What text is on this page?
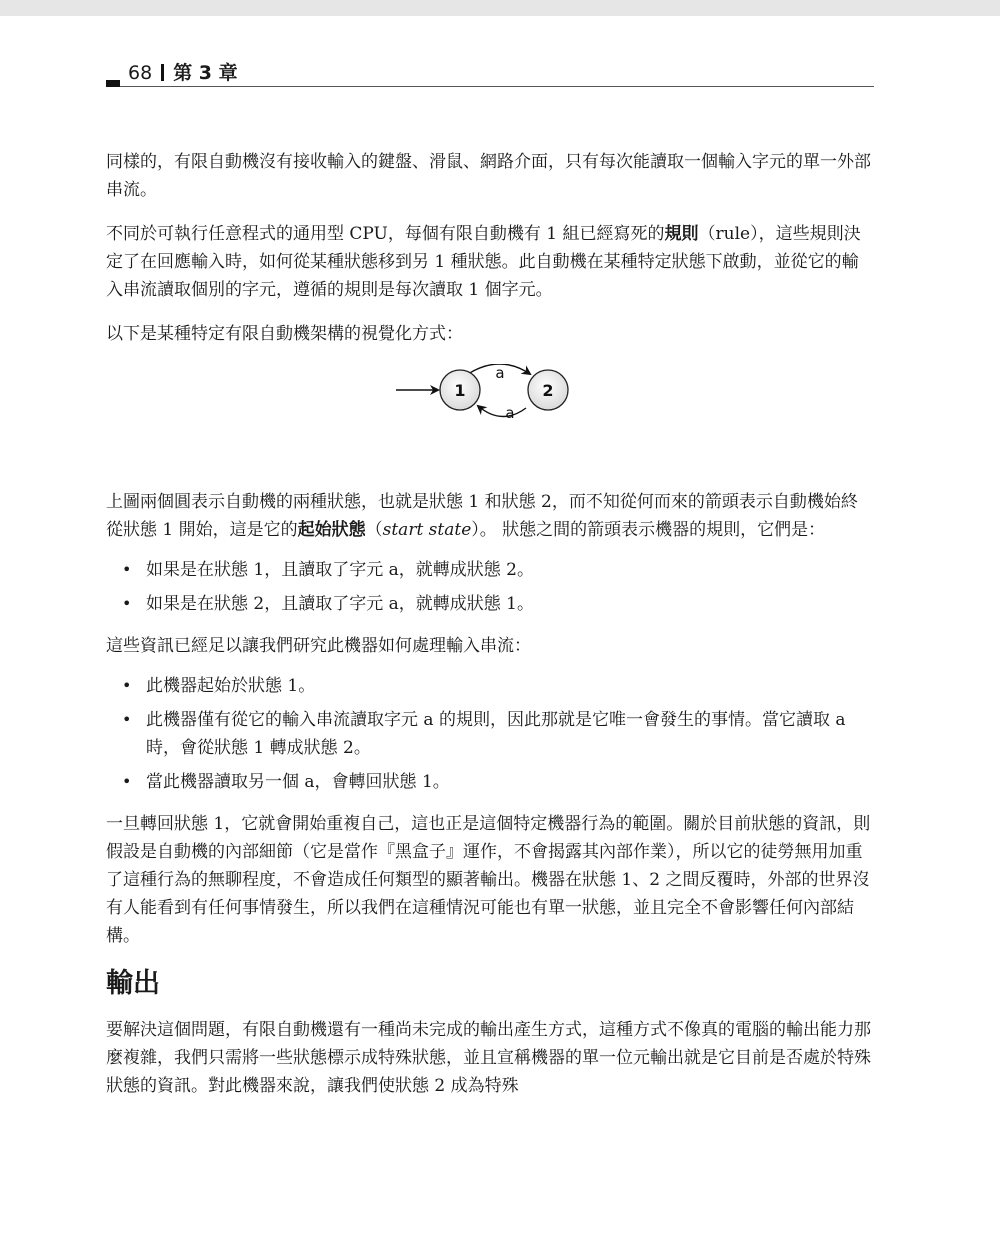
68 第 3 章

同樣的，有限自動機沒有接收輸入的鍵盤、滑鼠、網路介面，只有每次能讀取一個輸入字元的單一外部串流。

不同於可執行任意程式的通用型 CPU，每個有限自動機有 1 組已經寫死的規則（rule），這些規則決定了在回應輸入時，如何從某種狀態移到另 1 種狀態。此自動機在某種特定狀態下啟動，並從它的輸入串流讀取個別的字元，遵循的規則是每次讀取 1 個字元。

以下是某種特定有限自動機架構的視覺化方式：

1	2
a
a

上圖兩個圓表示自動機的兩種狀態，也就是狀態 1 和狀態 2，而不知從何而來的箭頭表示自動機始終從狀態 1 開始，這是它的起始狀態（start state）。 狀態之間的箭頭表示機器的規則，它們是：

• 如果是在狀態 1，且讀取了字元 a，就轉成狀態 2。
• 如果是在狀態 2，且讀取了字元 a，就轉成狀態 1。

這些資訊已經足以讓我們研究此機器如何處理輸入串流：

• 此機器起始於狀態 1。
• 此機器僅有從它的輸入串流讀取字元 a 的規則，因此那就是它唯一會發生的事情。當它讀取 a 時，會從狀態 1 轉成狀態 2。
• 當此機器讀取另一個 a，會轉回狀態 1。

一旦轉回狀態 1，它就會開始重複自己，這也正是這個特定機器行為的範圍。關於目前狀態的資訊，則假設是自動機的內部細節（它是當作『黑盒子』運作，不會揭露其內部作業），所以它的徒勞無用加重了這種行為的無聊程度，不會造成任何類型的顯著輸出。機器在狀態 1、2 之間反覆時，外部的世界沒有人能看到有任何事情發生，所以我們在這種情況可能也有單一狀態，並且完全不會影響任何內部結構。

輸出

要解決這個問題，有限自動機還有一種尚未完成的輸出產生方式，這種方式不像真的電腦的輸出能力那麼複雜，我們只需將一些狀態標示成特殊狀態，並且宣稱機器的單一位元輸出就是它目前是否處於特殊狀態的資訊。對此機器來說，讓我們使狀態 2 成為特殊
